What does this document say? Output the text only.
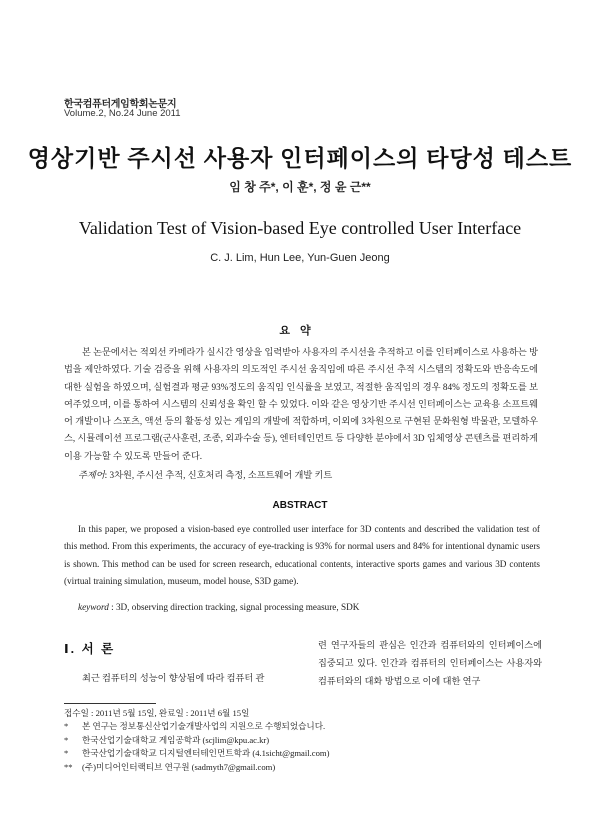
한국컴퓨터게임학회논문지
Volume.2, No.24 June 2011
영상기반 주시선 사용자 인터페이스의 타당성 테스트
임 창 주*, 이 훈*, 정 윤 근**
Validation Test of Vision-based Eye controlled User Interface
C. J. Lim, Hun Lee, Yun-Guen Jeong
요약

본 논문에서는 적외선 카메라가 실시간 영상을 입력받아 사용자의 주시선을 추적하고 이를 인터페이스로 사용하는 방법을 제안하였다. 기술 검증을 위해 사용자의 의도적인 주시선 움직임에 따른 주시선 추적 시스템의 정확도와 반응속도에 대한 실험을 하였으며, 실험결과 평균 93%정도의 움직임 인식률을 보였고, 적절한 움직임의 경우 84% 정도의 정확도를 보여주었으며, 이를 통하여 시스템의 신뢰성을 확인 할 수 있었다. 이와 같은 영상기반 주시선 인터페이스는 교육용 소프트웨어 개발이나 스포츠, 액션 등의 활동성 있는 게임의 개발에 적합하며, 이외에 3차원으로 구현된 문화원형 박물관, 모델하우스, 시뮬레이션 프로그램(군사훈련, 조종, 외과수술 등), 엔터테인먼트 등 다양한 분야에서 3D 입체영상 콘텐츠를 편리하게 이용 가능할 수 있도록 만들어 준다.

주제어: 3차원, 주시선 추적, 신호처리 측정, 소프트웨어 개발 키트
ABSTRACT

In this paper, we proposed a vision-based eye controlled user interface for 3D contents and described the validation test of this method. From this experiments, the accuracy of eye-tracking is 93% for normal users and 84% for intentional dynamic users is shown. This method can be used for screen research, educational contents, interactive sports games and various 3D contents (virtual training simulation, museum, model house, S3D game).

keyword : 3D, observing direction tracking, signal processing measure, SDK
Ⅰ. 서 론

최근 컴퓨터의 성능이 향상됨에 따라 컴퓨터 관

련 연구자들의 관심은 인간과 컴퓨터와의 인터페이스에 집중되고 있다. 인간과 컴퓨터의 인터페이스는 사용자와 컴퓨터와의 대화 방법으로 이에 대한 연구

접수일 : 2011년 5월 15일, 완료일 : 2011년 6월 15일
* 본 연구는 정보통신산업기술개발사업의 지원으로 수행되었습니다.
* 한국산업기술대학교 게임공학과 (scjlim@kpu.ac.kr)
* 한국산업기술대학교 디지털엔터테인먼트학과 (4.1sicht@gmail.com)
** (주)미디어인터랙티브 연구원 (sadmyth7@gmail.com)
